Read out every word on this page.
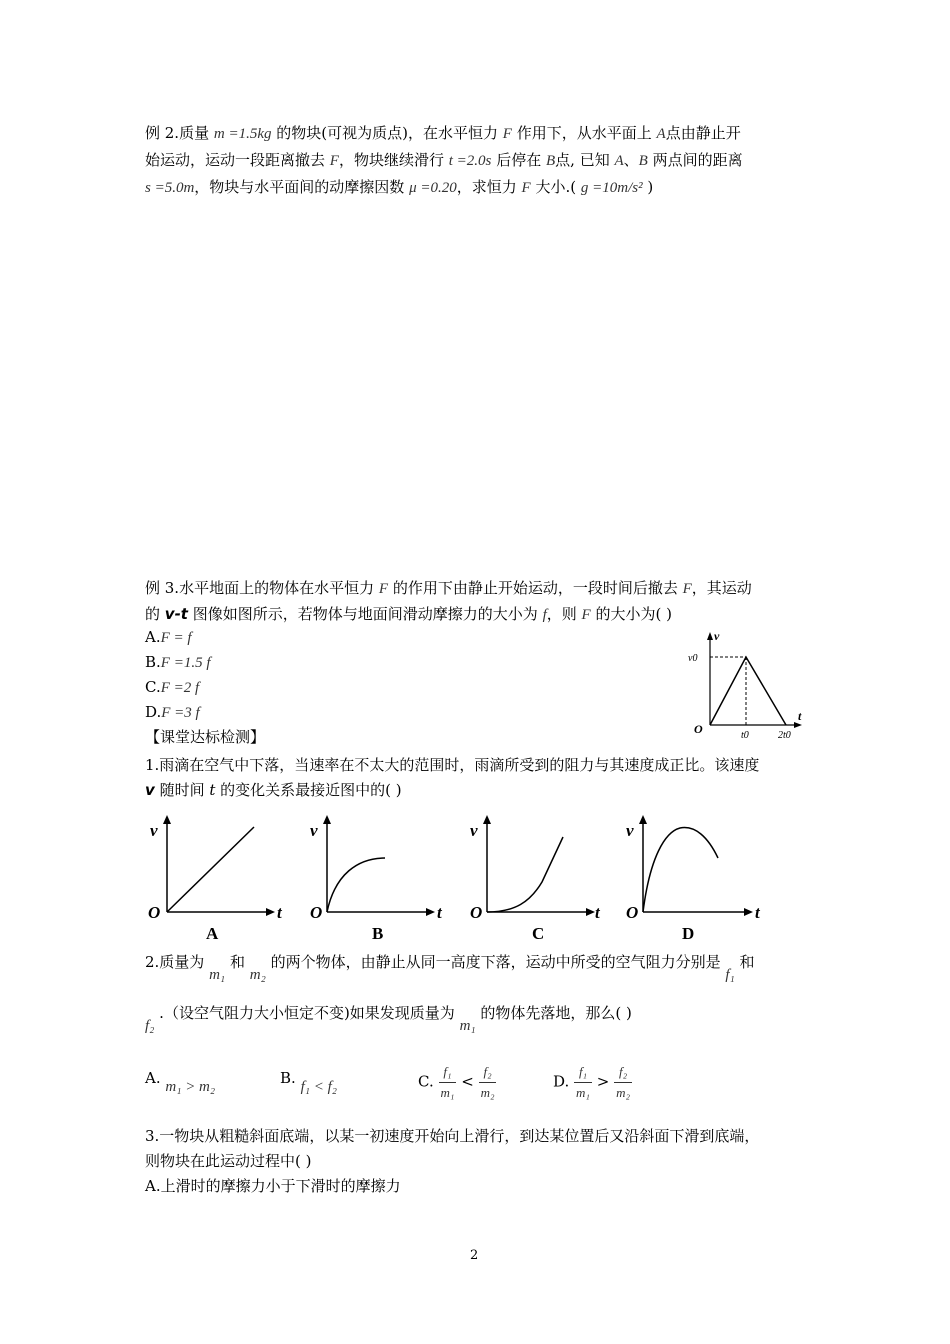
例 2.质量 m =1.5kg 的物块(可视为质点)，在水平恒力 F 作用下，从水平面上 A点由静止开
始运动，运动一段距离撤去 F，物块继续滑行 t =2.0s 后停在 B点, 已知 A、B 两点间的距离
s =5.0m，物块与水平面间的动摩擦因数 μ =0.20，求恒力 F 大小.( g =10m/s² )
例 3.水平地面上的物体在水平恒力 F 的作用下由静止开始运动，一段时间后撤去 F，其运动
的 v-t 图像如图所示，若物体与地面间滑动摩擦力的大小为 f，则 F 的大小为( )
A.F = f
B.F =1.5 f
C.F =2 f
D.F =3 f
v
v0
t
O	t0	2t0
【课堂达标检测】
1.雨滴在空气中下落，当速率在不太大的范围时，雨滴所受到的阻力与其速度成正比。该速度
v 随时间 t 的变化关系最接近图中的( )
v
O	t
A
v
O	t
B
v
O	t
C
v
O	t
D
2.质量为 m₁ 和 m₂ 的两个物体，由静止从同一高度下落，运动中所受的空气阻力分别是 f₁ 和
f₂ .（设空气阻力大小恒定不变)如果发现质量为 m₁ 的物体先落地，那么( )
A. m₁ > m₂	B. f₁ < f₂	C. $\frac{\text{f₁}}{\text{m₁}} < \frac{\text{f₂}}{\text{m₂}}$	D. $\frac{\text{f₁}}{\text{m₁}} > \frac{\text{f₂}}{\text{m₂}}$
3.一物块从粗糙斜面底端，以某一初速度开始向上滑行，到达某位置后又沿斜面下滑到底端，
则物块在此运动过程中( )
A.上滑时的摩擦力小于下滑时的摩擦力
2
